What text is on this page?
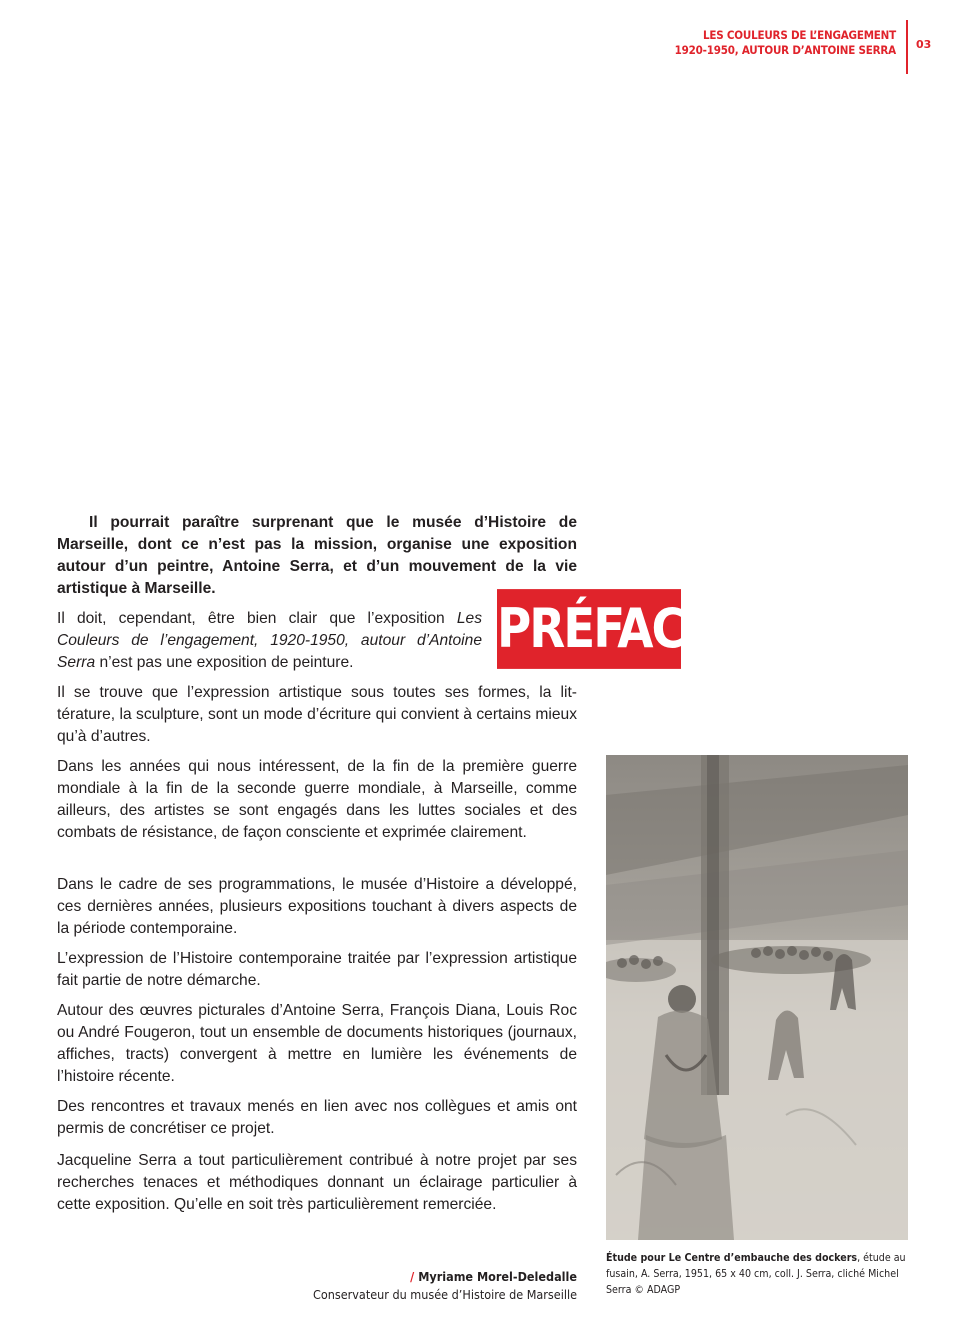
LES COULEURS DE L’ENGAGEMENT
1920-1950, AUTOUR D’ANTOINE SERRA 03
PRÉFACE

Il pourrait paraître surprenant que le musée d’Histoire de Marseille, dont ce n’est pas la mission, organise une exposition autour d’un peintre, Antoine Serra, et d’un mouvement de la vie artistique à Marseille.

Il doit, cependant, être bien clair que l’exposition Les Couleurs de l’engagement, 1920-1950, autour d’Antoine Serra n’est pas une exposition de peinture.

Il se trouve que l’expression artistique sous toutes ses formes, la littérature, la sculpture, sont un mode d’écriture qui convient à certains mieux qu’à d’autres.

Dans les années qui nous intéressent, de la fin de la première guerre mondiale à la fin de la seconde guerre mondiale, à Marseille, comme ailleurs, des artistes se sont engagés dans les luttes sociales et des combats de résistance, de façon consciente et exprimée clairement.

Dans le cadre de ses programmations, le musée d’Histoire a développé, ces dernières années, plusieurs expositions touchant à divers aspects de la période contemporaine.

L’expression de l’Histoire contemporaine traitée par l’expression artistique fait partie de notre démarche.

Autour des œuvres picturales d’Antoine Serra, François Diana, Louis Roc ou André Fougeron, tout un ensemble de documents historiques (journaux, affiches, tracts) convergent à mettre en lumière les événements de l’histoire récente.

Des rencontres et travaux menés en lien avec nos collègues et amis ont permis de concrétiser ce projet.

Jacqueline Serra a tout particulièrement contribué à notre projet par ses recherches tenaces et méthodiques donnant un éclairage particulier à cette exposition. Qu’elle en soit très particulièrement remerciée.

/ Myriame Morel-Deledalle
Conservateur du musée d’Histoire de Marseille
Étude pour Le Centre d’embauche des dockers, étude au fusain, A. Serra, 1951, 65 x 40 cm, coll. J. Serra, cliché Michel Serra © ADAGP
